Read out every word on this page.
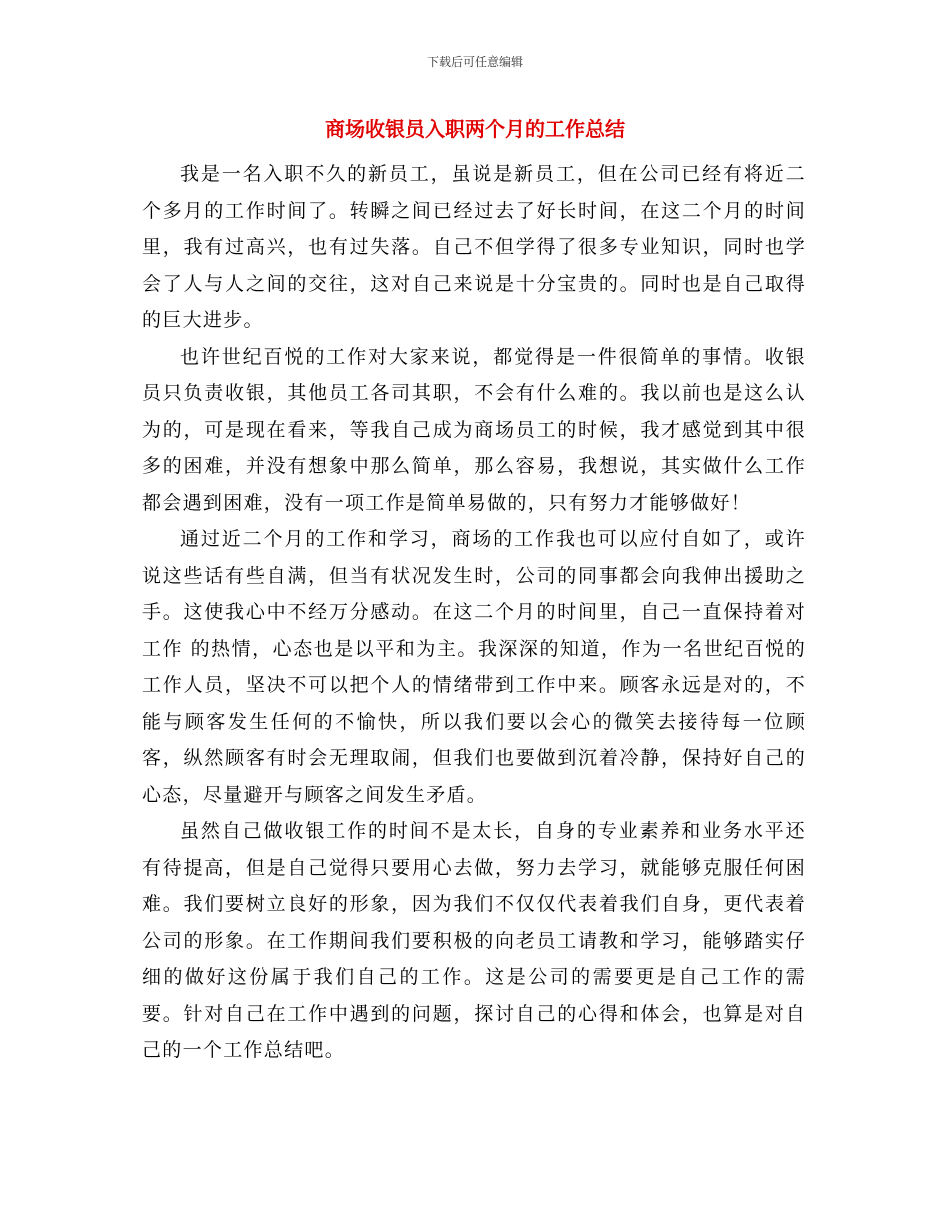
下载后可任意编辑
商场收银员入职两个月的工作总结

我是一名入职不久的新员工，虽说是新员工，但在公司已经有将近二个多月的工作时间了。转瞬之间已经过去了好长时间，在这二个月的时间里，我有过高兴，也有过失落。自己不但学得了很多专业知识，同时也学会了人与人之间的交往，这对自己来说是十分宝贵的。同时也是自己取得的巨大进步。

也许世纪百悦的工作对大家来说，都觉得是一件很简单的事情。收银员只负责收银，其他员工各司其职，不会有什么难的。我以前也是这么认为的，可是现在看来，等我自己成为商场员工的时候，我才感觉到其中很多的困难，并没有想象中那么简单，那么容易，我想说，其实做什么工作都会遇到困难，没有一项工作是简单易做的，只有努力才能够做好！

通过近二个月的工作和学习，商场的工作我也可以应付自如了，或许说这些话有些自满，但当有状况发生时，公司的同事都会向我伸出援助之手。这使我心中不经万分感动。在这二个月的时间里，自己一直保持着对工作 的热情，心态也是以平和为主。我深深的知道，作为一名世纪百悦的工作人员，坚决不可以把个人的情绪带到工作中来。顾客永远是对的，不能与顾客发生任何的不愉快，所以我们要以会心的微笑去接待每一位顾客，纵然顾客有时会无理取闹，但我们也要做到沉着冷静，保持好自己的心态，尽量避开与顾客之间发生矛盾。

虽然自己做收银工作的时间不是太长，自身的专业素养和业务水平还有待提高，但是自己觉得只要用心去做，努力去学习，就能够克服任何困难。我们要树立良好的形象，因为我们不仅仅代表着我们自身，更代表着公司的形象。在工作期间我们要积极的向老员工请教和学习，能够踏实仔细的做好这份属于我们自己的工作。这是公司的需要更是自己工作的需要。针对自己在工作中遇到的问题，探讨自己的心得和体会，也算是对自己的一个工作总结吧。
